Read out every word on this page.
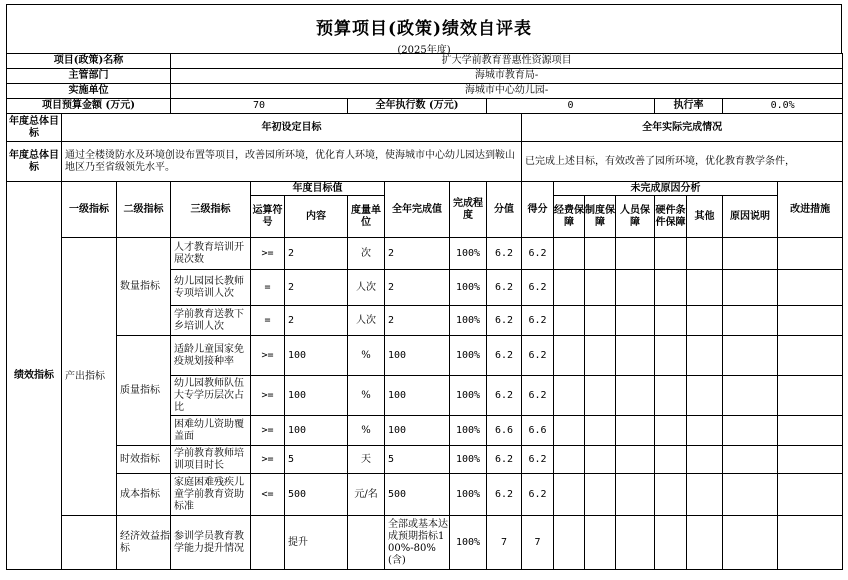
预算项目(政策)绩效自评表
(2025年度)
项目(政策)名称			扩大学前教育普惠性资源项目														
主管部门			海城市教育局-														
实施单位			海城市中心幼儿园-														
项目预算金额 (万元)			70			全年执行数 (万元)			0					执行率		0.0%	
年度总体目标	年初设定目标									全年实际完成情况							
年度总体目标	通过全楼烫防水及环境创设布置等项目，改善园所环境，优化育人环境，使海城市中心幼儿园达到鞍山地区乃至省级领先水平。									已完成上述目标，有效改善了园所环境，优化教育教学条件，							
绩效指标	一级指标	二级指标	三级指标	年度目标值			全年完成值	完成程度	分值	得分	未完成原因分析						改进措施
				运算符号	内容	度量单位					经费保障	制度保障	人员保障	硬件条件保障	其他	原因说明	
	产出指标	数量指标	人才教育培训开展次数	>=	2	次	2	100%	6.2	6.2							
			幼儿园园长教师专项培训人次	=	2	人次	2	100%	6.2	6.2							
			学前教育送教下乡培训人次	=	2	人次	2	100%	6.2	6.2							
		质量指标	适龄儿童国家免疫规划接种率	>=	100	%	100	100%	6.2	6.2							
			幼儿园教师队伍大专学历层次占比	>=	100	%	100	100%	6.2	6.2							
			困难幼儿资助覆盖面	>=	100	%	100	100%	6.6	6.6							
		时效指标	学前教育教师培训项目时长	>=	5	天	5	100%	6.2	6.2							
		成本指标	家庭困难残疾儿童学前教育资助标准	<=	500	元/名	500	100%	6.2	6.2							
		经济效益指标	参训学员教育教学能力提升情况		提升		全部或基本达成预期指标100%-80%(含)	100%	7	7							
